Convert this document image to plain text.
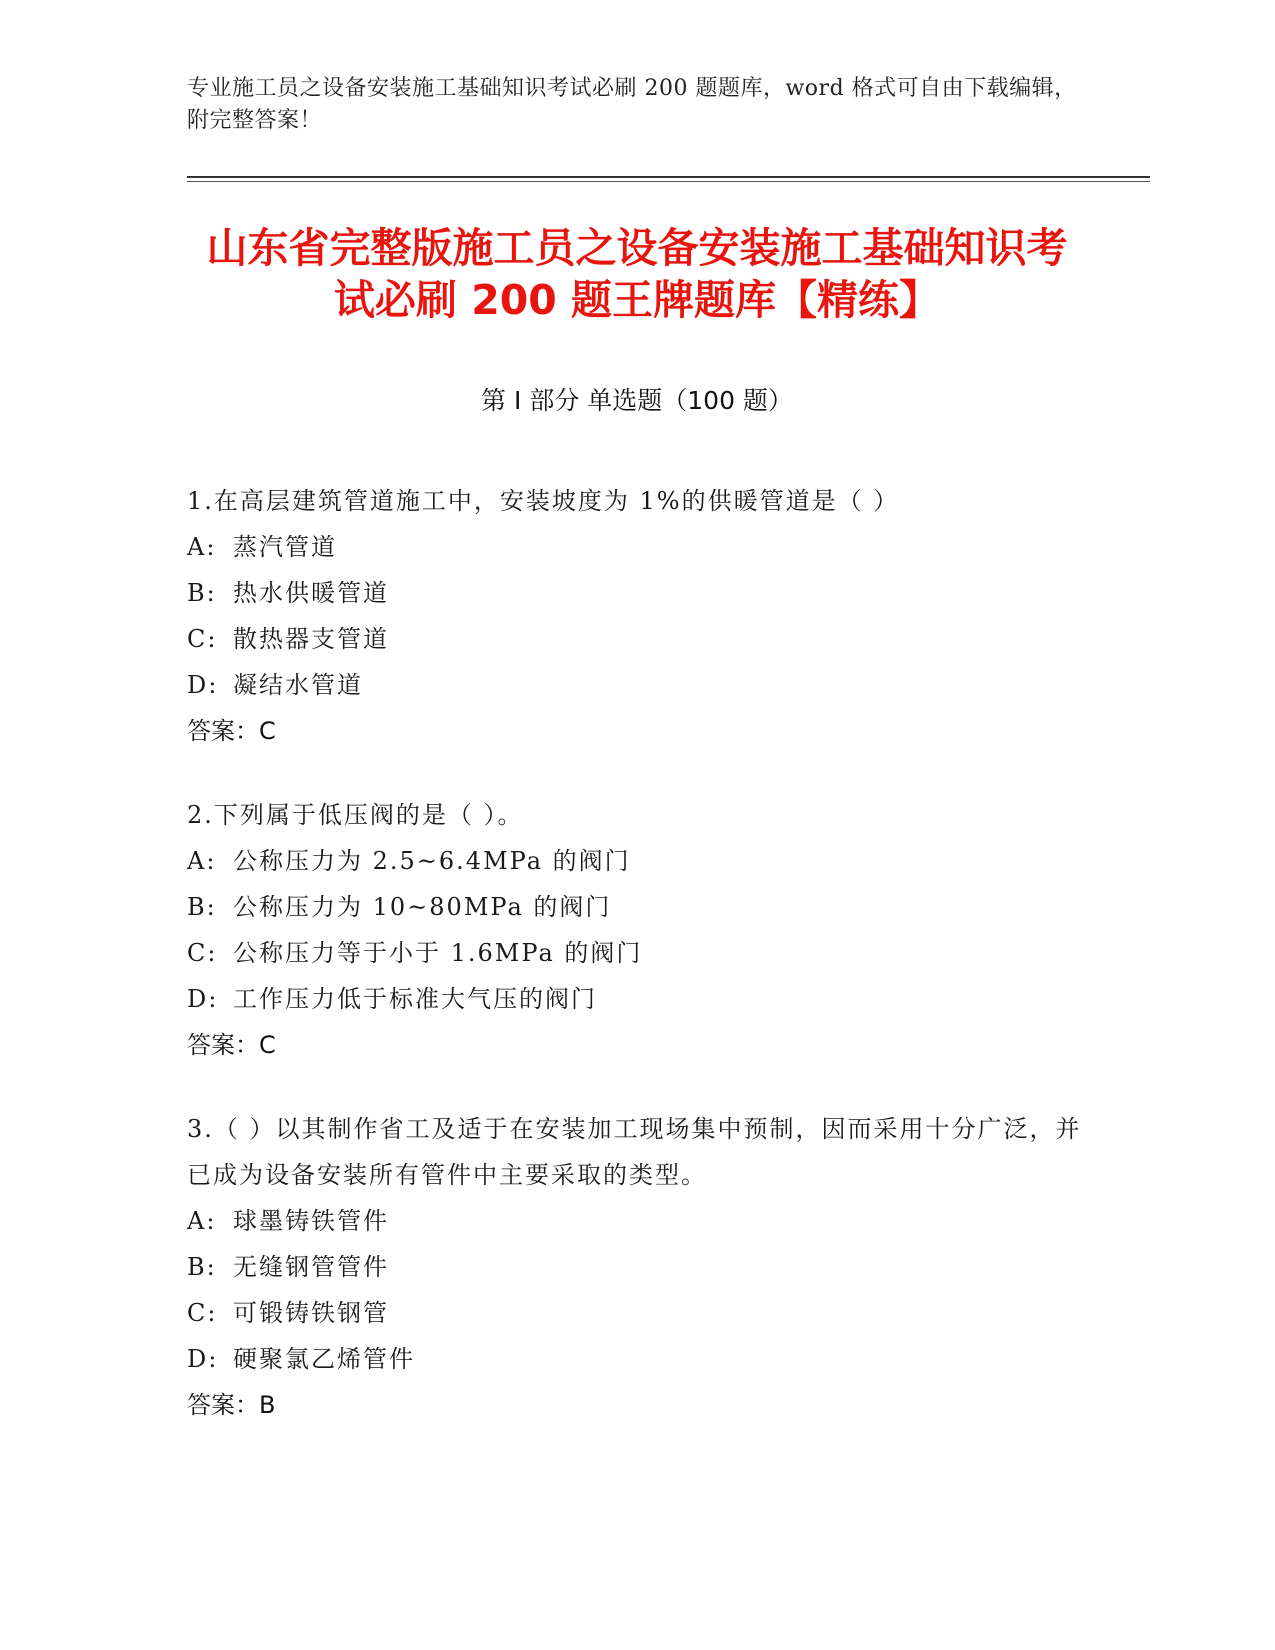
专业施工员之设备安装施工基础知识考试必刷 200 题题库，word 格式可自由下载编辑，附完整答案！
山东省完整版施工员之设备安装施工基础知识考试必刷 200 题王牌题库【精练】
第 I 部分 单选题（100 题）
1.在高层建筑管道施工中，安装坡度为 1%的供暖管道是（ ）
A: 蒸汽管道
B: 热水供暖管道
C: 散热器支管道
D: 凝结水管道
答案：C
2.下列属于低压阀的是（ ）。
A: 公称压力为 2.5~6.4MPa 的阀门
B: 公称压力为 10~80MPa 的阀门
C: 公称压力等于小于 1.6MPa 的阀门
D: 工作压力低于标准大气压的阀门
答案：C
3.（ ）以其制作省工及适于在安装加工现场集中预制，因而采用十分广泛，并已成为设备安装所有管件中主要采取的类型。
A: 球墨铸铁管件
B: 无缝钢管管件
C: 可锻铸铁钢管
D: 硬聚氯乙烯管件
答案：B
